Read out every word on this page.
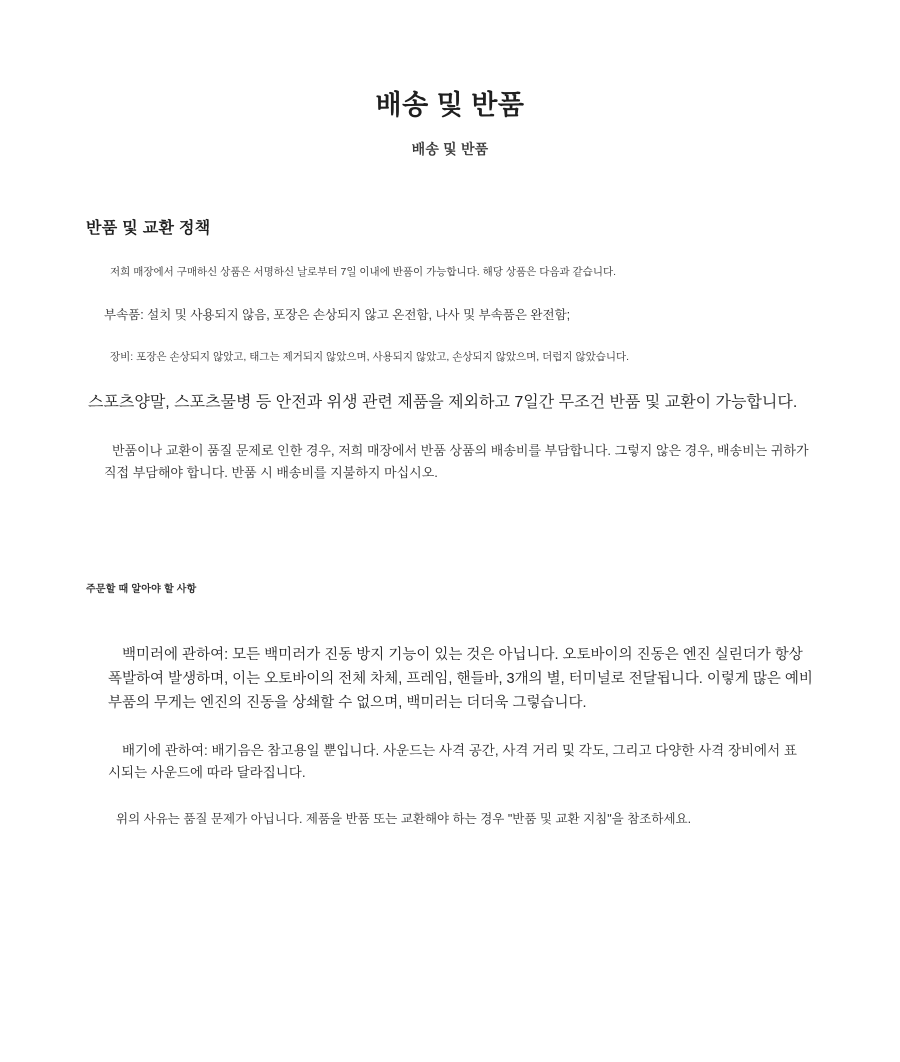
배송 및 반품
배송 및 반품
반품 및 교환 정책

저희 매장에서 구매하신 상품은 서명하신 날로부터 7일 이내에 반품이 가능합니다. 해당 상품은 다음과 같습니다.

부속품: 설치 및 사용되지 않음, 포장은 손상되지 않고 온전함, 나사 및 부속품은 완전함;

장비: 포장은 손상되지 않았고, 태그는 제거되지 않았으며, 사용되지 않았고, 손상되지 않았으며, 더럽지 않았습니다.

스포츠양말, 스포츠물병 등 안전과 위생 관련 제품을 제외하고 7일간 무조건 반품 및 교환이 가능합니다.

반품이나 교환이 품질 문제로 인한 경우, 저희 매장에서 반품 상품의 배송비를 부담합니다. 그렇지 않은 경우, 배송비는 귀하가 직접 부담해야 합니다. 반품 시 배송비를 지불하지 마십시오.

주문할 때 알아야 할 사항

백미러에 관하여: 모든 백미러가 진동 방지 기능이 있는 것은 아닙니다. 오토바이의 진동은 엔진 실린더가 항상 폭발하여 발생하며, 이는 오토바이의 전체 차체, 프레임, 핸들바, 3개의 별, 터미널로 전달됩니다. 이렇게 많은 예비 부품의 무게는 엔진의 진동을 상쇄할 수 없으며, 백미러는 더더욱 그렇습니다.

배기에 관하여: 배기음은 참고용일 뿐입니다. 사운드는 사격 공간, 사격 거리 및 각도, 그리고 다양한 사격 장비에서 표시되는 사운드에 따라 달라집니다.

위의 사유는 품질 문제가 아닙니다. 제품을 반품 또는 교환해야 하는 경우 "반품 및 교환 지침"을 참조하세요.
